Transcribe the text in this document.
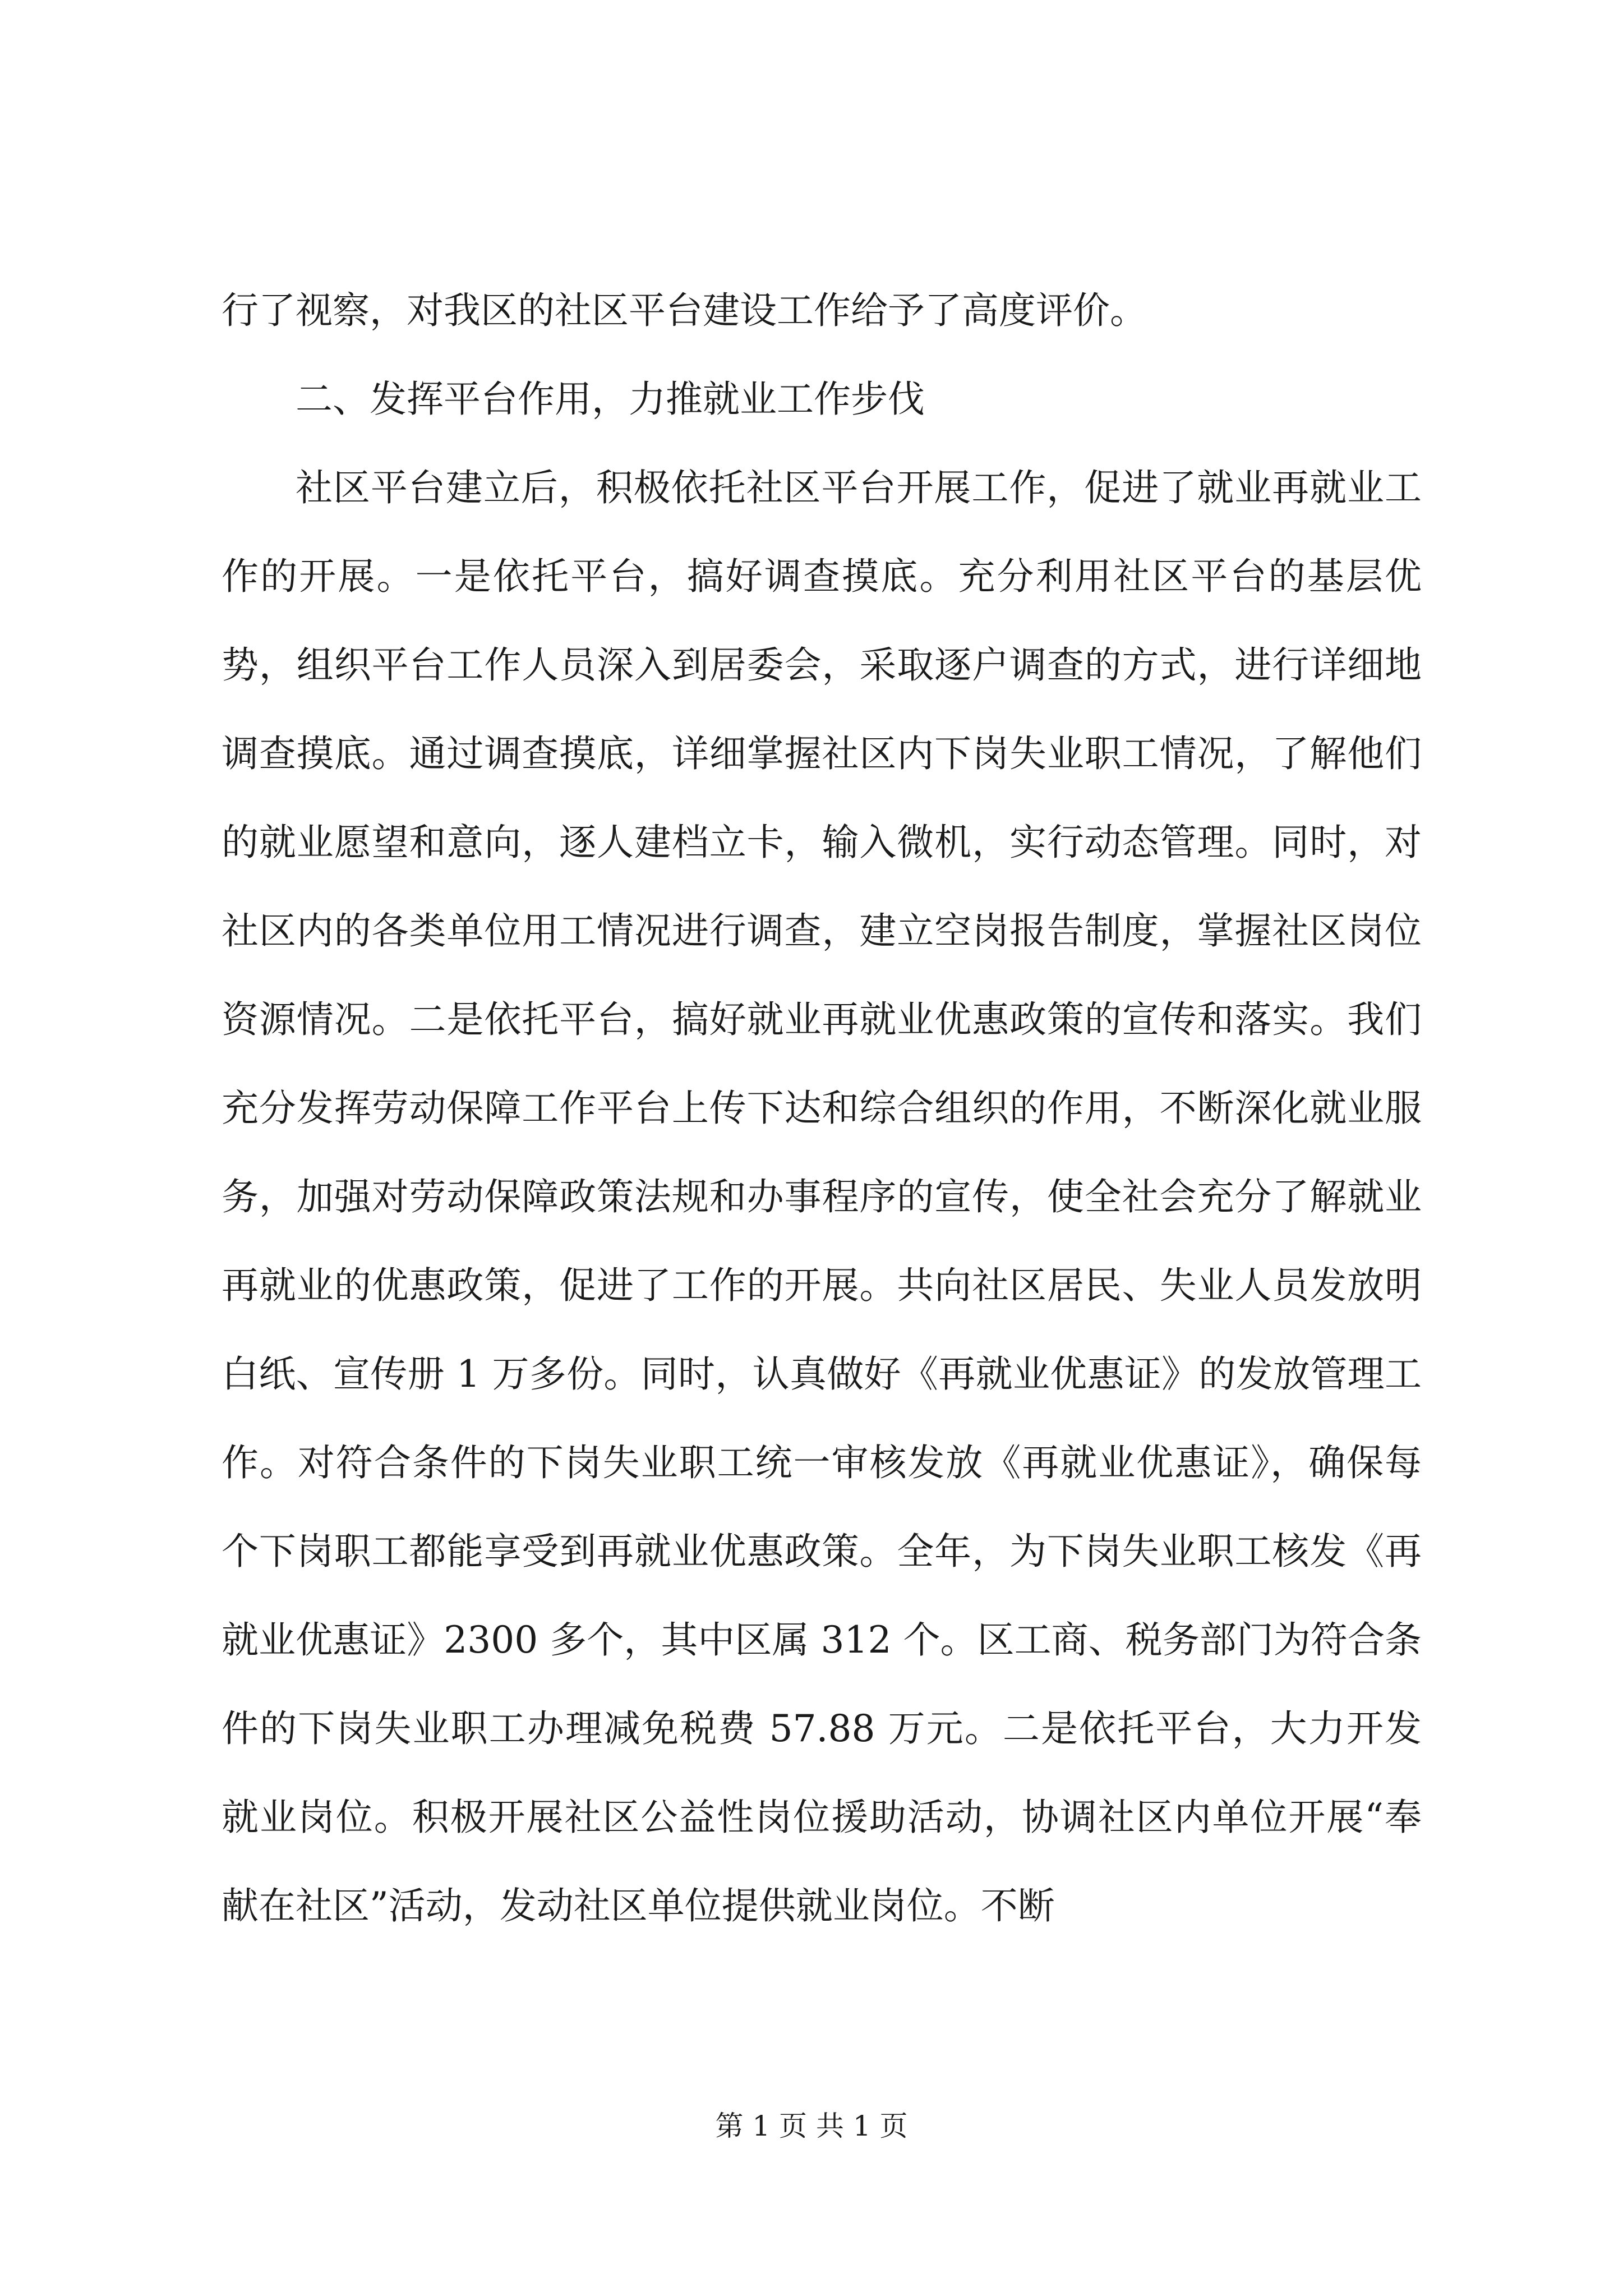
行了视察，对我区的社区平台建设工作给予了高度评价。

二、发挥平台作用，力推就业工作步伐

社区平台建立后，积极依托社区平台开展工作，促进了就业再就业工作的开展。一是依托平台，搞好调查摸底。充分利用社区平台的基层优势，组织平台工作人员深入到居委会，采取逐户调查的方式，进行详细地调查摸底。通过调查摸底，详细掌握社区内下岗失业职工情况，了解他们的就业愿望和意向，逐人建档立卡，输入微机，实行动态管理。同时，对社区内的各类单位用工情况进行调查，建立空岗报告制度，掌握社区岗位资源情况。二是依托平台，搞好就业再就业优惠政策的宣传和落实。我们充分发挥劳动保障工作平台上传下达和综合组织的作用，不断深化就业服务，加强对劳动保障政策法规和办事程序的宣传，使全社会充分了解就业再就业的优惠政策，促进了工作的开展。共向社区居民、失业人员发放明白纸、宣传册 1 万多份。同时，认真做好《再就业优惠证》的发放管理工作。对符合条件的下岗失业职工统一审核发放《再就业优惠证》，确保每个下岗职工都能享受到再就业优惠政策。全年，为下岗失业职工核发《再就业优惠证》2300 多个，其中区属 312 个。区工商、税务部门为符合条件的下岗失业职工办理减免税费 57.88 万元。二是依托平台，大力开发就业岗位。积极开展社区公益性岗位援助活动，协调社区内单位开展“奉献在社区”活动，发动社区单位提供就业岗位。不断

第 1 页 共 1 页
